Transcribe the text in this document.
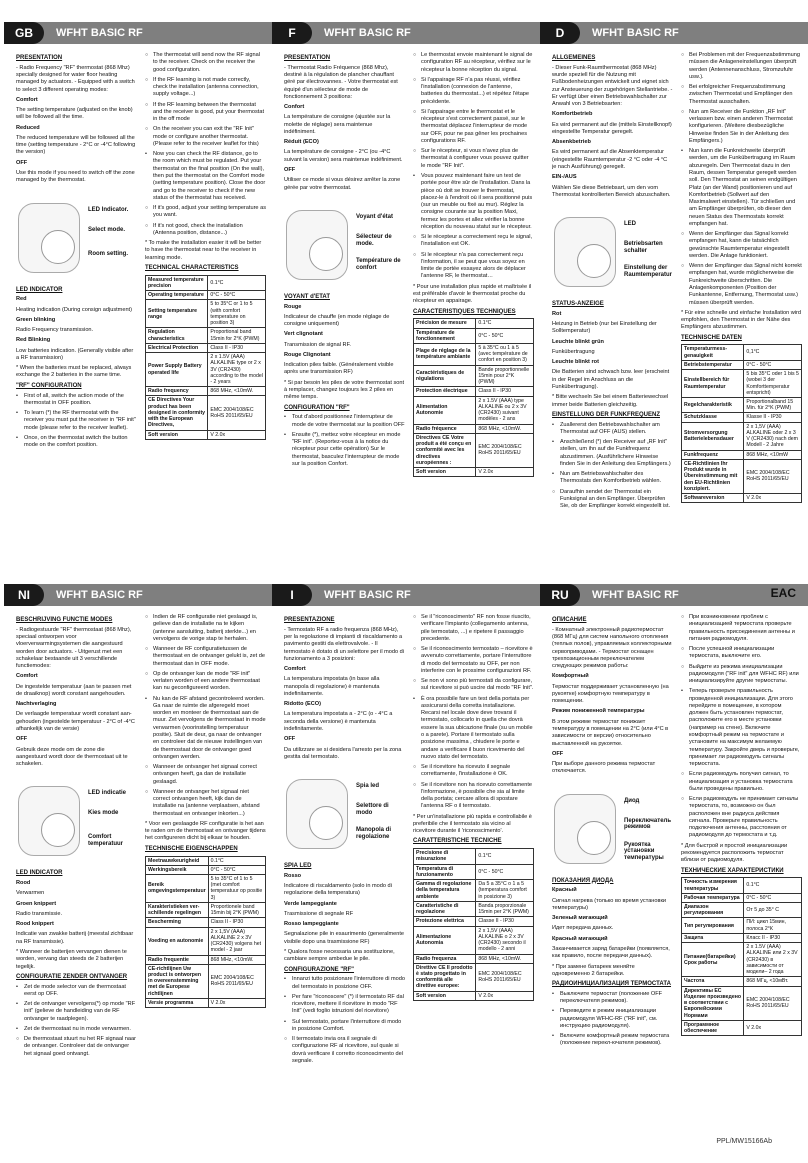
GB	WFHT BASIC RF
PRESENTATION

- Radio Frequency "RF" thermostat (868 Mhz) specially designed for water floor heating managed by actuators. - Equipped with a switch to select 3 different operating modes:

Comfort

The setting temperature (adjusted on the knob) will be followed all the time.

Reduced

The reduced temperature will be followed all the time (setting temperature - 2°C or -4°C following the version)

OFF

Use this mode if you need to switch off the zone managed by the thermostat.

LED Indicator.
Select mode.
Room setting.
LED INDICATOR

Red

Heating indication (During consign adjustment)

Green blinking

Radio Frequency transmission.

Red Blinking

Low batteries indication. (Generally visible after a RF transmission)

* When the batteries must be replaced, always exchange the 2 batteries in the same time.

"RF" CONFIGURATION
• First of all, switch the action mode of the thermostat in OFF position.
• To learn (*) the RF thermostat with the receiver you must put the receiver in "RF init" mode (please refer to the receiver leaflet).
• Once, on the thermostat switch the button mode on the comfort position.
○ The thermostat will send now the RF signal to the receiver. Check on the receiver the good configuration.
○ If the RF learning is not made correctly, check the installation (antenna connection, supply voltage...)
○ If the RF learning between the thermostat and the receiver is good, put your thermostat in the off mode
○ On the receiver you can exit the "RF Init" mode or configure another thermostat. (Please refer to the receiver leaflet for this)
• Now you can check the RF distance, go to the room which must be regulated. Put your thermostat on the final position (On the wall), then put the thermostat on the Comfort mode (setting temperature position). Close the door and go to the receiver to check if the new status of the thermostat has received.
○ If it's good, adjust your setting temperature as you want.
○ If it's not good, check the installation (Antenna position, distance...)

* To make the installation easier it will be better to have the thermostat near to the receiver in learning mode.

TECHNICAL CHARACTERISTICS
Measured temperature precision	0.1°C
Operating temperature	0°C - 50°C
Setting temperature range	5 to 35°C or 1 to 5 (with comfort temperature on position 3)
Regulation characteristics	Proportional band 15min for 2°K (PWM)
Electrical Protection	Class II - IP30
Power Supply Battery operated life	2 x 1.5V (AAA) ALKALINE type or 2 x 3V (CR2430) according to the model - 2 years
Radio frequency	868 MHz, <10mW.
CE Directives Your product has been designed in conformity with the European Directives,	EMC 2004/108/EC RoHS 2011/65/EU
Soft version	V 2.0x
F	WFHT BASIC RF
PRESENTATION

- Thermostat Radio Fréquence (868 Mhz), destiné à la régulation de plancher chauffant géré par électrovannes. - Votre thermostat est équipé d'un sélecteur de mode de fonctionnement 3 positions:

Confort

La température de consigne (ajustée sur la molette de réglage) sera maintenue indéfiniment.

Réduit (ECO)

La température de consigne - 2°C (ou -4°C suivant la version) sera maintenue indéfiniment.

OFF

Utiliser ce mode si vous désirez arrêter la zone gérée par votre thermostat.

Voyant d'état
Sélecteur de mode.
Température de confort
VOYANT d'ETAT

Rouge

Indicateur de chauffe (en mode réglage de consigne uniquement)

Vert clignotant

Transmission de signal RF.

Rouge Clignotant

Indication piles faible. (Généralement visible après une transmission RF)

* Si par besoin les piles de votre thermostat sont à remplacer, changez toujours les 2 piles en même temps.

CONFIGURATION "RF"
• Tout d'abord positionnez l'interrupteur de mode de votre thermostat sur la position OFF
• Ensuite (*), mettez votre récepteur en mode "RF init". (Reportez-vous à la notice du récepteur pour cette opération) Sur le thermostat, basculez l'interrupteur de mode sur la position Confort.
○ Le thermostat envoie maintenant le signal de configuration RF au récepteur, vérifiez sur le récepteur la bonne réception du signal.
○ Si l'appairage RF n'a pas réussi, vérifiez l'installation (connexion de l'antenne, batteries du thermostat...) et répétez l'étape précédente.
○ Si l'appairage entre le thermostat et le récepteur s'est correctement passé, sur le thermostat déplacez l'interrupteur de mode sur OFF, pour ne pas gêner les prochaines configurations RF.
○ Sur le récepteur, si vous n'avez plus de thermostat à configurer vous pouvez quitter le mode "RF Init".
• Vous pouvez maintenant faire un test de portée pour être sûr de l'installation. Dans la pièce où doit se trouver le thermostat, placez-le à l'endroit où il sera positionné puis (sur un meuble ou fixé au mur). Réglez la consigne courante sur la position Maxi, fermez les portes et allez vérifier la bonne réception du nouveau statut sur le récepteur.
○ Si le récepteur a correctement reçu le signal, l'installation est OK.
○ Si le récepteur n'a pas correctement reçu l'information, il se peut que vous soyez en limite de portée essayez alors de déplacer l'antenne RF, le thermostat…

* Pour une installation plus rapide et maîtrisée il est préférable d'avoir le thermostat proche du récepteur en appairage.

CARACTERISTIQUES TECHNIQUES
Précision de mesure	0.1°C
Température de fonctionnement	0°C - 50°C
Plage de réglage de la température ambiante	5 à 35°C ou 1 à 5 (avec température de confort en position 3)
Caractéristiques de régulations	Bande proportionnelle 15min pour 2°K (PWM)
Protection électrique	Class II - IP30
Alimentation Autonomie	2 x 1.5V (AAA) type ALKALINE ou 2 x 3V (CR2430) suivant modèles - 2 ans
Radio fréquence	868 MHz, <10mW.
Directives CE Votre produit a été conçu en conformité avec les directives européennes :	EMC 2004/108/EC RoHS 2011/65/EU
Soft version	V 2.0x
D	WFHT BASIC RF
ALLGEMEINES

- Dieser Funk-Raumthermostat (868 MHz) wurde speziell für die Nutzung mit Fußbodenheizungen entwickelt und eignet sich zur Ansteuerung der zugehörigen Stellantriebe. - Er verfügt über einen Betriebswahlschalter zur Anwahl von 3 Betriebsarten:

Komfortbetrieb

Es wird permanent auf die (mittels Einstellknopf) eingestellte Temperatur geregelt.

Absenkbetrieb

Es wird permanent auf die Absenktemperatur (eingestellte Raumtemperatur -2 °C oder -4 °C je nach Ausführung) geregelt.

EIN-/AUS

Wählen Sie diese Betriebsart, um den vom Thermostat kontrollierten Bereich abzuschalten.

LED
Betriebsarten schalter
Einstellung der Raumtemperatur
STATUS-ANZEIGE

Rot

Heizung in Betrieb (nur bei Einstellung der Solltemperatur)

Leuchte blinkt grün

Funkübertragung

Leuchte blinkt rot

Die Batterien sind schwach bzw. leer (erscheint in der Regel im Anschluss an die Funkübertragung).

* Bitte wechseln Sie bei einem Batteriewechsel immer beide Batterien gleichzeitig.

EINSTELLUNG DER FUNKFREQUENZ
• Zuallererst den Betriebswahlschalter am Thermostat auf OFF (AUS) stellen.
• Anschließend (*) den Receiver auf „RF Init" stellen, um ihn auf die Funkfrequenz abzustimmen. (Ausführlichere Hinweise finden Sie in der Anleitung des Empfängers.)
• Nun am Betriebswahlschalter des Thermostats den Komfortbetrieb wählen.
○ Daraufhin sendet der Thermostat ein Funksignal an den Empfänger. Überprüfen Sie, ob der Empfänger korrekt eingestellt ist.
○ Bei Problemen mit der Frequenzabstimmung müssen die Anlageneinstellungen überprüft werden (Antennenanschluss, Stromzufuhr usw.).
○ Bei erfolgreicher Frequenzabstimmung zwischen Thermostat und Empfänger den Thermostat ausschalten.
○ Nun am Receiver die Funktion „RF Init" verlassen bzw. einen anderen Thermostat konfigurieren. (Weitere diesbezügliche Hinweise finden Sie in der Anleitung des Empfängers.)
• Nun kann die Funkreichweite überprüft werden, um die Funkübertragung im Raum abzuregeln. Den Thermostat dazu in den Raum, dessen Temperatur geregelt werden soll. Den Thermostat an seinen endgültigen Platz (an der Wand) positionieren und auf Komfortbetrieb (Sollwert auf den Maximalwert einstellen). Tür schließen und am Empfänger überprüfen, ob dieser den neuen Status des Thermostats korrekt empfangen hat.
○ Wenn der Empfänger das Signal korrekt empfangen hat, kann die tatsächlich gewünschte Raumtemperatur eingestellt werden. Die Anlage funktioniert.
○ Wenn der Empfänger das Signal nicht korrekt empfangen hat, wurde möglicherweise die Funkreichweite überschritten. Die Anlagenkomponenten (Position der Funkantenne, Entfernung, Thermostat usw.) müssen überprüft werden.

* Für eine schnelle und einfache Installation wird empfohlen, den Thermostat in der Nähe des Empfängers abzustimmen.

TECHNISCHE DATEN
Temperaturmess-genauigkeit	0,1°C
Betriebstemperatur	0°C - 50°C
Einstellbereich für Raumtemperatur	5 bis 35°C oder 1 bis 5 (wobei 3 der Komforttemperatur entspricht)
Regelcharakteristik	Proportionalband 15 Min. für 2°K (PWM)
Schutzklasse	Klasse II - IP30
Stromversorgung Batterielebensdauer	2 x 1,5V (AAA) ALKALINE oder 2 x 3 V (CR2430) nach dem Modell - 2 Jahre
Funkfrequenz	868 MHz, <10mW
CE-Richtlinien Ihr Produkt wurde in Übereinstimmung mit den EU-Richtlinien konzipiert.	EMC 2004/108/EC RoHS 2011/65/EU
Softwareversion	V 2.0x
NI	WFHT BASIC RF
BESCHRIJVING FUNCTIE MODES

- Radiogestuurde "RF" thermostaat (868 Mhz), speciaal ontworpen voor vloerverwarmingsystemen die aangestuurd worden door actuators. - Uitgerust met een schakelaar bestaande uit 3 verschillende functiemodes:

Comfort

De ingestelde temperatuur (aan te passen met de draaiknop) wordt constant aangehouden.

Nachtverlaging

De verlaagde temperatuur wordt constant aan-gehouden (ingestelde temperatuur - 2°C of -4°C afhankelijk van de versie)

OFF

Gebruik deze mode om de zone die aangestuurd wordt door de thermostaat uit te schakelen.

LED indicatie
Kies mode
Comfort temperatuur
LED INDICATOR

Rood

Verwarmen

Groen knippert

Radio transmissie.

Rood knippert

Indicatie van zwakke batterij (meestal zichtbaar na RF transmissie).

* Wanneer de batterijen vervangen dienen te worden, vervang dan steeds de 2 batterijen tegelijk.

CONFIGURATIE ZENDER ONTVANGER
• Zet de mode selector van de thermostaat eerst op OFF.
• Zet de ontvanger vervolgens(*) op mode "RF init" (gelieve de handleiding van de RF ontvanger te raadplegen).
• Zet de thermostaat nu in mode verwarmen.
○ De thermostaat stuurt nu het RF signaal naar de ontvanger. Controleer dat de ontvanger het signaal goed ontvangt.
○ Indien de RF configuratie niet geslaagd is, gelieve dan de installatie na te kijken (antenne aansluiting, batterij sterkte...) en vervolgens de vorige stap te herhalen.
○ Wanneer de RF configuratietussen de thermostaat en de ontvanger gelukt is, zet de thermostaat dan in OFF mode.
○ Op de ontvanger kan de mode "RF init" verlaten worden of een andere thermostaat kan nu geconfigureerd worden.
• Nu kan de RF afstand gecontroleerd worden. Ga naar de ruimte die afgeregeld moet worden en monteer de thermostaat aan de muur. Zet vervolgens de thermostaat in mode verwarmen (voorinstelling temperatuur positie). Sluit de deur, ga naar de ontvanger en controleer dat de nieuwe instellingen van de thermostaat door de ontvanger goed ontvangen werden.
○ Wanneer de ontvanger het signaal correct ontvangen heeft, ga dan de installatie geslaagd.
○ Wanneer de ontvanger het signaal niet correct ontvangen heeft, kijk dan de installatie na (antenne verplaatsen, afstand thermostaat en ontvanger inkorten...)

* Voor een geslaagde RF configuratie is het aan te raden om de thermostaat en ontvanger tijdens het configureren dicht bij elkaar te houden.

TECHNISCHE EIGENSCHAPPEN
Meetnauwkeurigheid	0.1°C
Werkingsbereik	0°C - 50°C
Bereik omgevingstemperatuur	5 to 35°C of 1 to 5 (met comfort temperatuur op positie 3)
Karakteristieken ver-schillende regelingen	Proportionele band 15min bij 2°K (PWM)
Bescherming	Class II - IP30
Voeding en autonomie	2 x 1,5V (AAA) ALKALINE 2 x 3V (CR2430) volgens het model - 2 jaar
Radio frequentie	868 MHz, <10mW.
CE-richtlijnen Uw product is ontworpen in overeenstemming met de Europese richtlijnen	EMC 2004/108/EC RoHS 2011/65/EU
Versie programma	V 2.0x
I	WFHT BASIC RF
PRESENTAZIONE

- Termostato RF a radio frequenza (868 MHz), per la regolazione di impianti di riscaldamento a pavimento gestiti da elettrovalvole. - Il termostato è dotato di un selettore per il modo di funzionamento a 3 posizioni:

Comfort

La temperatura impostata (in base alla manopola di regolazione) è mantenuta indefinitamente.

Ridotto (ECO)

La temperatura impostata a - 2°C (o - 4°C a seconda della versione) è mantenuta indefinitamente.

OFF

Da utilizzare se si desidera l'arresto per la zona gestita dal termostato.

Spia led
Selettore di modo
Manopola di regolazione
SPIA LED

Rosso

Indicatore di riscaldamento (solo in modo di regolazione della temperatura)

Verde lampeggiante

Trasmissione di segnale RF

Rosso lampeggiante

Segnalazione pile in esaurimento (generalmente visibile dopo una trasmissione RF)

* Qualora fosse necessaria una sostituzione, cambiare sempre ambedue le pile.

CONFIGURAZIONE "RF"
• Innanzi tutto posizionare l'interruttore di modo del termostato in posizione OFF.
• Per fare "riconoscere" (*) il termostato RF dal ricevitore, mettere il ricevitore in modo "RF Init" (vedi foglio istruzioni del ricevitore)
• Sul termostato, portare l'interruttore di modo in posizione Comfort.
○ Il termostato invia ora il segnale di configurazione RF al ricevitore, sul quale si dovrà verificare il corretto riconoscimento del segnale.
○ Se il "riconoscimento" RF non fosse riuscito, verificare l'impianto (collegamento antenna, pile termostato, ...) e ripetere il passaggio precedente.
○ Se il riconoscimento termostato – ricevitore è avvenuto correttamente, portare l'interruttore di modo del termostato su OFF, per non interferire con le prossime configurazioni RF.
○ Se non vi sono più termostati da configurare, sul ricevitore si può uscire dal modo "RF Init".
• È ora possibile fare un test della portata per assicurarsi della corretta installazione. Recarsi nel locale dove deve trovarsi il termostato, collocarlo in quella che dovrà essere la sua ubicazione finale (su un mobile o a parete). Portare il termostato sulla posizione massima , chiudere le porte e andare a verificare il buon ricevimento del nuovo stato del termostato.
○ Se il ricevitore ha ricevuto il segnale correttamente, l'installazione è OK.
○ Se il ricevitore non ha ricevuto correttamente l'informazione, è possibile che sia al limite della portata; cercare allora di spostare l'antenna RF o il termostato.

* Per un'installazione più rapida e controllabile è preferibile che il termostato sia vicino al ricevitore durante il 'riconoscimento'.

CARATTERISTICHE TECNICHE
Precisione di misurazione	0.1°C
Temperatura di funzionamento	0°C - 50°C
Gamma di regolazione della temperatura ambiente	Da 5 a 35°C o 1 a 5 (temperatura comfort in posizione 3)
Caratteristiche di regolazione	Banda proporzionale 15min per 2°K (PWM)
Protezione elettrica	Classe II - IP30
Alimentazione Autonomia	2 x 1,5V (AAA) ALKALINE o 2 x 3V (CR2430) secondo il modello - 2 anni
Radio frequenza	868 MHz, <10mW.
Direttive CE Il prodotto è stato progettato in conformità alle direttive europee:	EMC 2004/108/EC RoHS 2011/65/EU
Soft version	V 2.0x
RU	WFHT BASIC RF	EAC
ОПИСАНИЕ

- Комнатный электронный радиотермостат (868 МГц) для систем напольного отопления (теплых полов), управляемых коллекторными сервоприводами. - Термостат оснащен трехпозиционным переключателем следующих режимов работы:

Комфортный

Термостат поддерживает установленную (на рукоятке) комфортную температуру в помещении.

Режим пониженной температуры

В этом режиме термостат понижает температуру в помещении на 2°С (или 4°С в зависимости от версии) относительно выставленной на рукоятке.

OFF

При выборе данного режима термостат отключается.

Диод
Переключатель режимов
Рукоятка установки температуры
ПОКАЗАНИЯ ДИОДА

Красный

Сигнал нагрева (только во время установки температуры)

Зеленый мигающий

Идет передача данных.

Красный мигающий

Заканчивается заряд батарейки (появляется, как правило, после передачи данных).

* При замене батареек меняйте одновременно 2 батарейки.

РАДИОИНИЦИАЛИЗАЦИЯ ТЕРМОСТАТА
• Выключите термостат (положение OFF переключателя режимов).
• Переведите в режим инициализации радиомодуля WFHC-RF ("RF init", см. инструкцию радиомодуля).
• Включите комфортный режим термостата (положение перекл-ючателя режимов).
○ При возникновении проблем с инициализацией термостата проверьте правильность присоединения антенны и питания радиомодуля.
○ После успешной инициализации термостата, выключите его.
○ Выйдите из режима инициализации радиомодуля ("RF init" для WFHC RF) или инициализируйте другие термостаты.
• Теперь проверьте правильность проведенной инициализации. Для этого перейдите в помещение, в котором должен быть установлен термостат, расположите его в месте установки (например на стене). Включите комфортный режим на термостате и установите на максимум желаемую температуру. Закройте дверь и проверьте, принимает ли радиомодуль сигналы термостата.
○ Если радиомодуль получил сигнал, то инициализация и установка термостата были проведены правильно.
○ Если радиомодуль не принимает сигналы термостата, то, возможно он был расположен вне радиуса действия сигнала. Проверьте правильность подключения антенны, расстояния от радиомодуля до термостата и т.д.

* Для быстрой и простой инициализации рекомендуется расположить термостат вблизи от радиомодуля.

ТЕХНИЧЕСКИЕ ХАРАКТЕРИСТИКИ
Точность измерения температуры	0.1°С
Рабочая температура	0°С - 50°С
Диапазон регулирования	От 5 до 35° С
Тип регулирования	ПИ: цикл 15мин, полоса 2°К
Защита	Класс II - IP30
Питание(батарейки) Срок работы	2 х 1.5V (AAA) ALKALINE или 2 x 3V (CR2430) в зависимости от модели– 2 года
Частота	868 МГц, <10мВт.
Директивы ЕС Изделие произведено в соответствии с Европейскими Нормами	EMC 2004/108/EC RoHS 2011/65/EU
Программное обеспечение	V 2.0x
PPL/MW15166Ab
